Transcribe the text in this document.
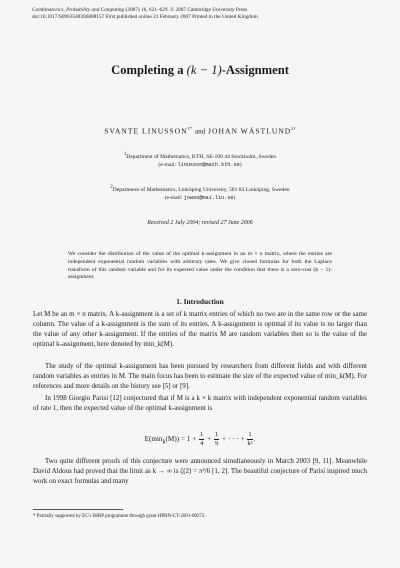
Combinatorics, Probability and Computing (2007) 16, 621–629. © 2007 Cambridge University Press
doi:10.1017/S0963548306008157 First published online 21 February 2007 Printed in the United Kingdom
Completing a (k − 1)-Assignment
SVANTE $LINUSSON^{1*}$ and JOHAN $WÄSTLUND^{2\dagger}$
$^1$Department of Mathematics, KTH, SE-100 44 Stockholm, Sweden
(e-mail: linusson@math.kth.se)
$^2$Department of Mathematics, Linköping University, 581 83 Linköping, Sweden
(e-mail: jowas@mai.liu.se)
Received 2 July 2004; revised 27 June 2006
We consider the distribution of the value of the optimal k-assignment in an m × n matrix, where the entries are independent exponential random variables with arbitrary rates. We give closed formulas for both the Laplace transform of this random variable and for its expected value under the condition that there is a zero-cost (k − 1)-assignment.
1. Introduction
Let M be an m × n matrix. A k-assignment is a set of k matrix entries of which no two are in the same row or the same column. The value of a k-assignment is the sum of its entries. A k-assignment is optimal if its value is no larger than the value of any other k-assignment. If the entries of the matrix M are random variables then so is the value of the optimal k-assignment, here denoted by min_k(M).
The study of the optimal k-assignment has been pursued by researchers from different fields and with different random variables as entries in M. The main focus has been to estimate the size of the expected value of min_k(M). For references and more details on the history see [5] or [9].
In 1998 Giorgio Parisi [12] conjectured that if M is a k × k matrix with independent exponential random variables of rate 1, then the expected value of the optimal k-assignment is
$E(\min_k(M)) = 1 + \frac{1}{4} + \frac{1}{9}$ + · · · + $\frac{1}{\text{k²}}$ .
Two quite different proofs of this conjecture were announced simultaneously in March 2003 [9, 11]. Meanwhile David Aldous had proved that the limit as k → ∞ is ζ(2) = π²/6 [1, 2]. The beautiful conjecture of Parisi inspired much work on exact formulas and many
* Partially supported by EC's IHRP programme through grant HPRN-CT-2001-00272.
